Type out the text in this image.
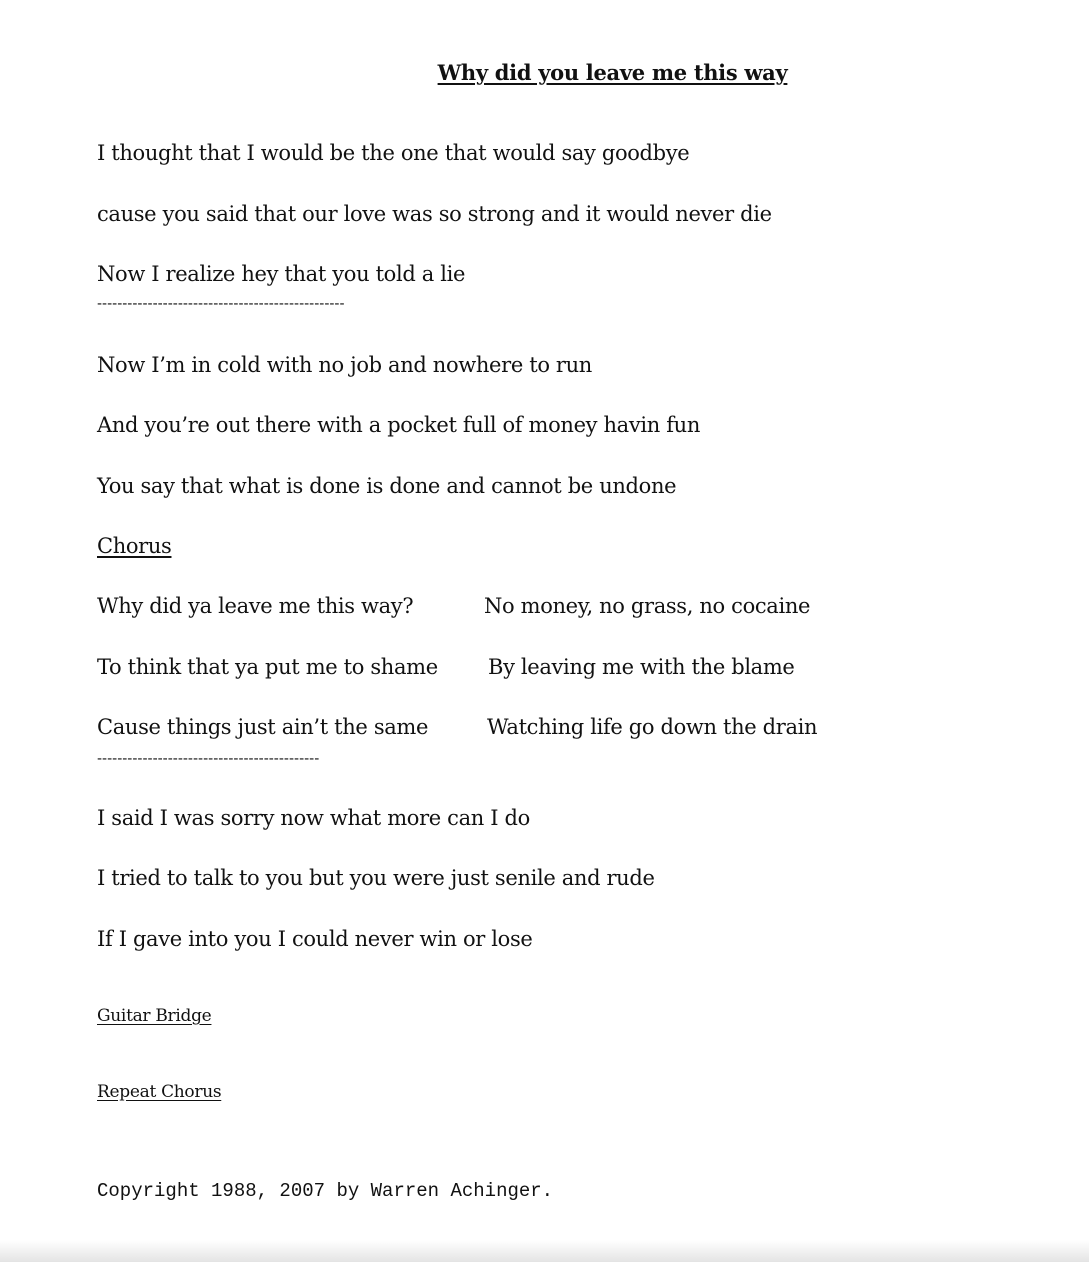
Why did you leave me this way
I thought that I would be the one that would say goodbye
cause you said that our love was so strong and it would never die
Now I realize hey that you told a lie
-------------------------------------------------
Now I’m in cold with no job and nowhere to run
And you’re out there with a pocket full of money havin fun
You say that what is done is done and cannot be undone
Chorus
Why did ya leave me this way?	No money, no grass, no cocaine
To think that ya put me to shame By leaving me with the blame
Cause things just ain’t the same	Watching life go down the drain
--------------------------------------------
I said I was sorry now what more can I do
I tried to talk to you but you were just senile and rude
If I gave into you I could never win or lose
Guitar Bridge
Repeat Chorus
Copyright 1988, 2007 by Warren Achinger.
